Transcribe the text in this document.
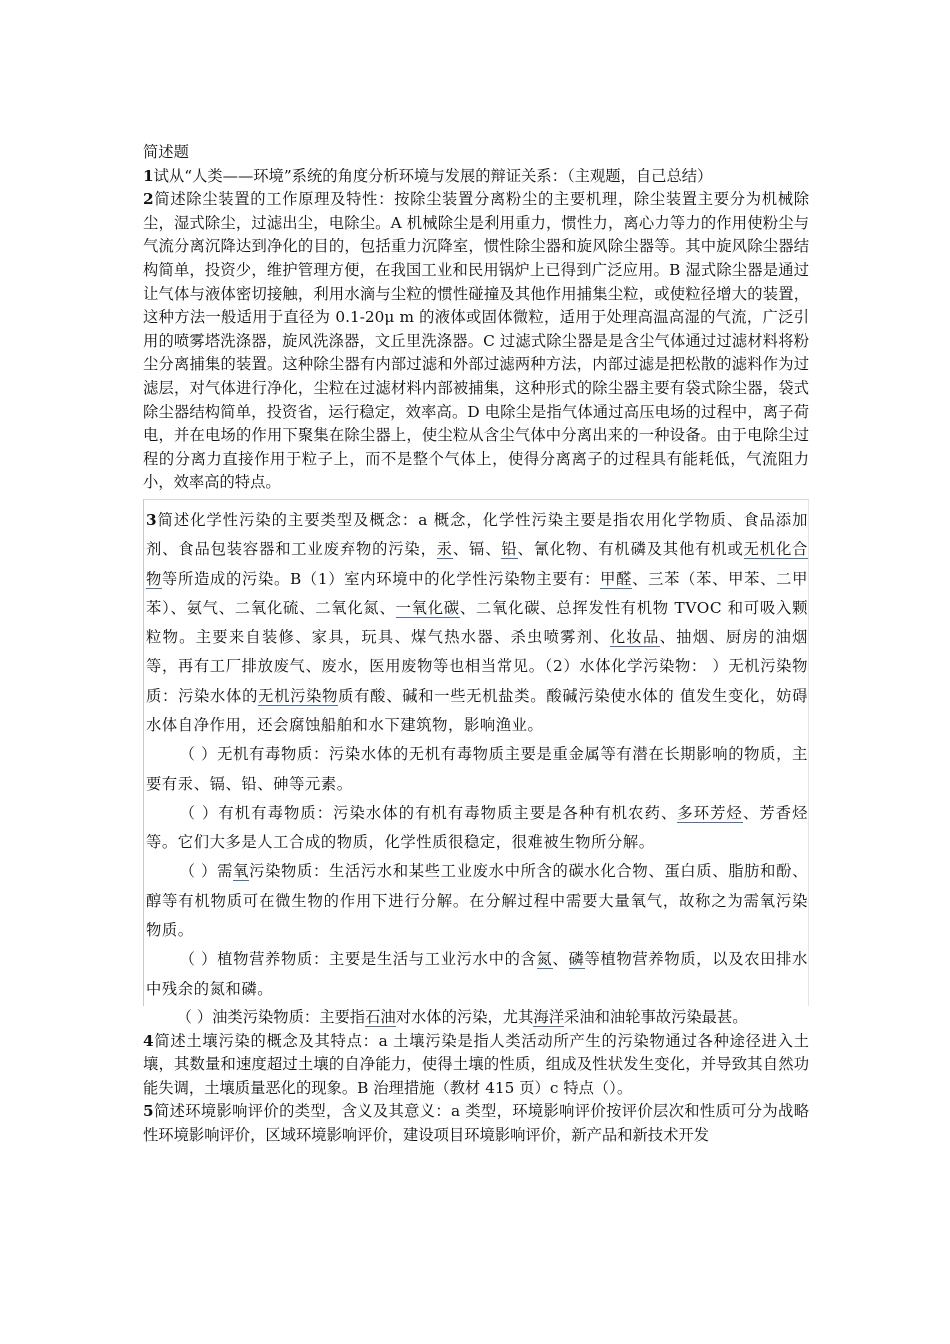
简述题

1试从“人类——环境”系统的角度分析环境与发展的辩证关系：（主观题，自己总结）

2简述除尘装置的工作原理及特性：按除尘装置分离粉尘的主要机理，除尘装置主要分为机械除尘，湿式除尘，过滤出尘，电除尘。A 机械除尘是利用重力，惯性力，离心力等力的作用使粉尘与气流分离沉降达到净化的目的，包括重力沉降室，惯性除尘器和旋风除尘器等。其中旋风除尘器结构简单，投资少，维护管理方便，在我国工业和民用锅炉上已得到广泛应用。B 湿式除尘器是通过让气体与液体密切接触，利用水滴与尘粒的惯性碰撞及其他作用捕集尘粒，或使粒径增大的装置，这种方法一般适用于直径为 0.1-20μ m 的液体或固体微粒，适用于处理高温高湿的气流，广泛引用的喷雾塔洗涤器，旋风洗涤器，文丘里洗涤器。C 过滤式除尘器是是含尘气体通过过滤材料将粉尘分离捕集的装置。这种除尘器有内部过滤和外部过滤两种方法，内部过滤是把松散的滤料作为过滤层，对气体进行净化，尘粒在过滤材料内部被捕集，这种形式的除尘器主要有袋式除尘器，袋式除尘器结构简单，投资省，运行稳定，效率高。D 电除尘是指气体通过高压电场的过程中，离子荷电，并在电场的作用下聚集在除尘器上，使尘粒从含尘气体中分离出来的一种设备。由于电除尘过程的分离力直接作用于粒子上，而不是整个气体上，使得分离离子的过程具有能耗低，气流阻力小，效率高的特点。

3简述化学性污染的主要类型及概念：a 概念，化学性污染主要是指农用化学物质、食品添加剂、食品包装容器和工业废弃物的污染，汞、镉、铅、氰化物、有机磷及其他有机或无机化合物等所造成的污染。B（1）室内环境中的化学性污染物主要有：甲醛、三苯（苯、甲苯、二甲苯）、氨气、二氧化硫、二氧化氮、一氧化碳、二氧化碳、总挥发性有机物 TVOC 和可吸入颗粒物。主要来自装修、家具，玩具、煤气热水器、杀虫喷雾剂、化妆品、抽烟、厨房的油烟等，再有工厂排放废气、废水，医用废物等也相当常见。（2）水体化学污染物： ）无机污染物质：污染水体的无机污染物质有酸、碱和一些无机盐类。酸碱污染使水体的 值发生变化，妨碍水体自净作用，还会腐蚀船舶和水下建筑物，影响渔业。

（ ）无机有毒物质：污染水体的无机有毒物质主要是重金属等有潜在长期影响的物质，主要有汞、镉、铅、砷等元素。

（ ）有机有毒物质：污染水体的有机有毒物质主要是各种有机农药、多环芳烃、芳香烃等。它们大多是人工合成的物质，化学性质很稳定，很难被生物所分解。

（ ）需氧污染物质：生活污水和某些工业废水中所含的碳水化合物、蛋白质、脂肪和酚、醇等有机物质可在微生物的作用下进行分解。在分解过程中需要大量氧气，故称之为需氧污染物质。

（ ）植物营养物质：主要是生活与工业污水中的含氮、磷等植物营养物质，以及农田排水中残余的氮和磷。

（ ）油类污染物质：主要指石油对水体的污染，尤其海洋采油和油轮事故污染最甚。

4简述土壤污染的概念及其特点：a 土壤污染是指人类活动所产生的污染物通过各种途径进入土壤，其数量和速度超过土壤的自净能力，使得土壤的性质，组成及性状发生变化，并导致其自然功能失调，土壤质量恶化的现象。B 治理措施（教材 415 页）c 特点（）。

5简述环境影响评价的类型，含义及其意义：a 类型，环境影响评价按评价层次和性质可分为战略性环境影响评价，区域环境影响评价，建设项目环境影响评价，新产品和新技术开发
